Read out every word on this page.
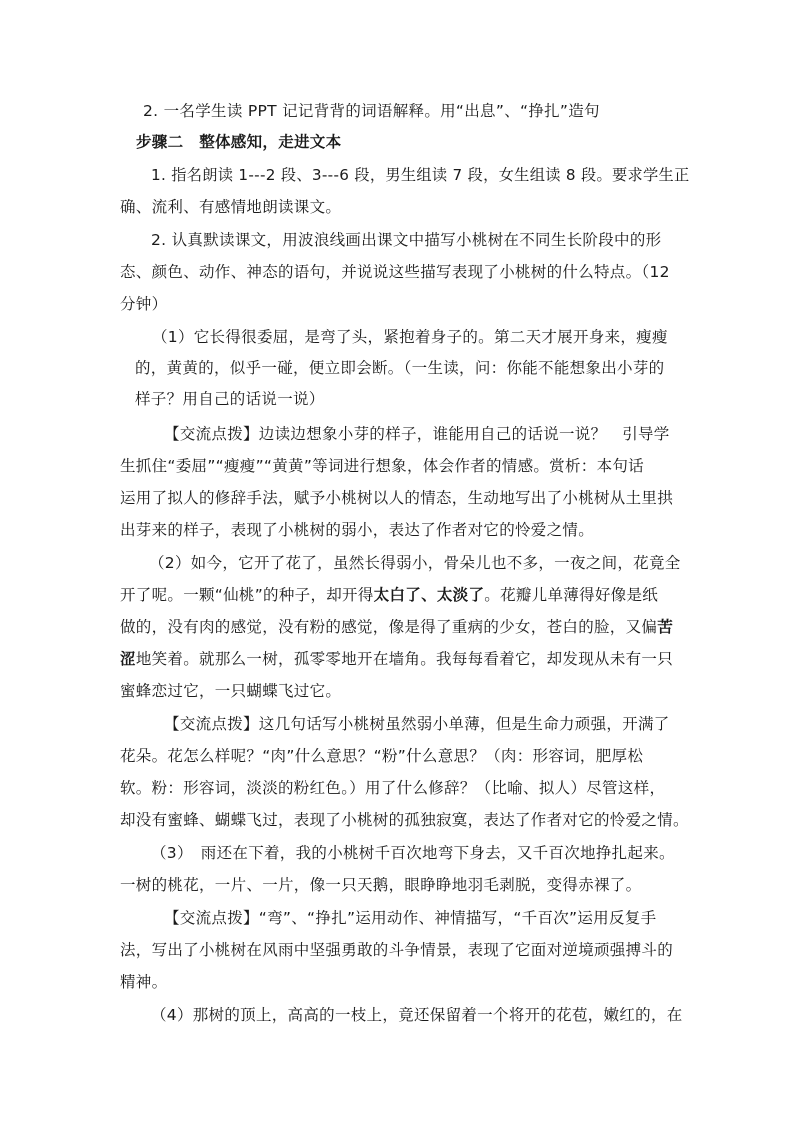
2. 一名学生读 PPT 记记背背的词语解释。用“出息”、“挣扎”造句
步骤二　整体感知，走进文本
1. 指名朗读 1---2 段、3---6 段，男生组读 7 段，女生组读 8 段。要求学生正
确、流利、有感情地朗读课文。
2. 认真默读课文，用波浪线画出课文中描写小桃树在不同生长阶段中的形
态、颜色、动作、神态的语句，并说说这些描写表现了小桃树的什么特点。（12
分钟）
（1）它长得很委屈，是弯了头，紧抱着身子的。第二天才展开身来，瘦瘦
的，黄黄的，似乎一碰，便立即会断。（一生读，问：你能不能想象出小芽的
样子？用自己的话说一说）
【交流点拨】边读边想象小芽的样子，谁能用自己的话说一说？　引导学
生抓住“委屈”“瘦瘦”“黄黄”等词进行想象，体会作者的情感。赏析：本句话
运用了拟人的修辞手法，赋予小桃树以人的情态，生动地写出了小桃树从土里拱
出芽来的样子，表现了小桃树的弱小，表达了作者对它的怜爱之情。
（2）如今，它开了花了，虽然长得弱小，骨朵儿也不多，一夜之间，花竟全
开了呢。一颗“仙桃”的种子，却开得太白了、太淡了。花瓣儿单薄得好像是纸
做的，没有肉的感觉，没有粉的感觉，像是得了重病的少女，苍白的脸，又偏苦
涩地笑着。就那么一树，孤零零地开在墙角。我每每看着它，却发现从未有一只
蜜蜂恋过它，一只蝴蝶飞过它。
【交流点拨】这几句话写小桃树虽然弱小单薄，但是生命力顽强，开满了
花朵。花怎么样呢？“肉”什么意思？“粉”什么意思？（肉：形容词，肥厚松
软。粉：形容词，淡淡的粉红色。）用了什么修辞？（比喻、拟人）尽管这样，
却没有蜜蜂、蝴蝶飞过，表现了小桃树的孤独寂寞，表达了作者对它的怜爱之情。
（3）　雨还在下着，我的小桃树千百次地弯下身去，又千百次地挣扎起来。
一树的桃花，一片、一片，像一只天鹅，眼睁睁地羽毛剥脱，变得赤裸了。
【交流点拨】“弯”、“挣扎”运用动作、神情描写，“千百次”运用反复手
法，写出了小桃树在风雨中坚强勇敢的斗争情景，表现了它面对逆境顽强搏斗的
精神。
（4）那树的顶上，高高的一枝上，竟还保留着一个将开的花苞，嫩红的，在
